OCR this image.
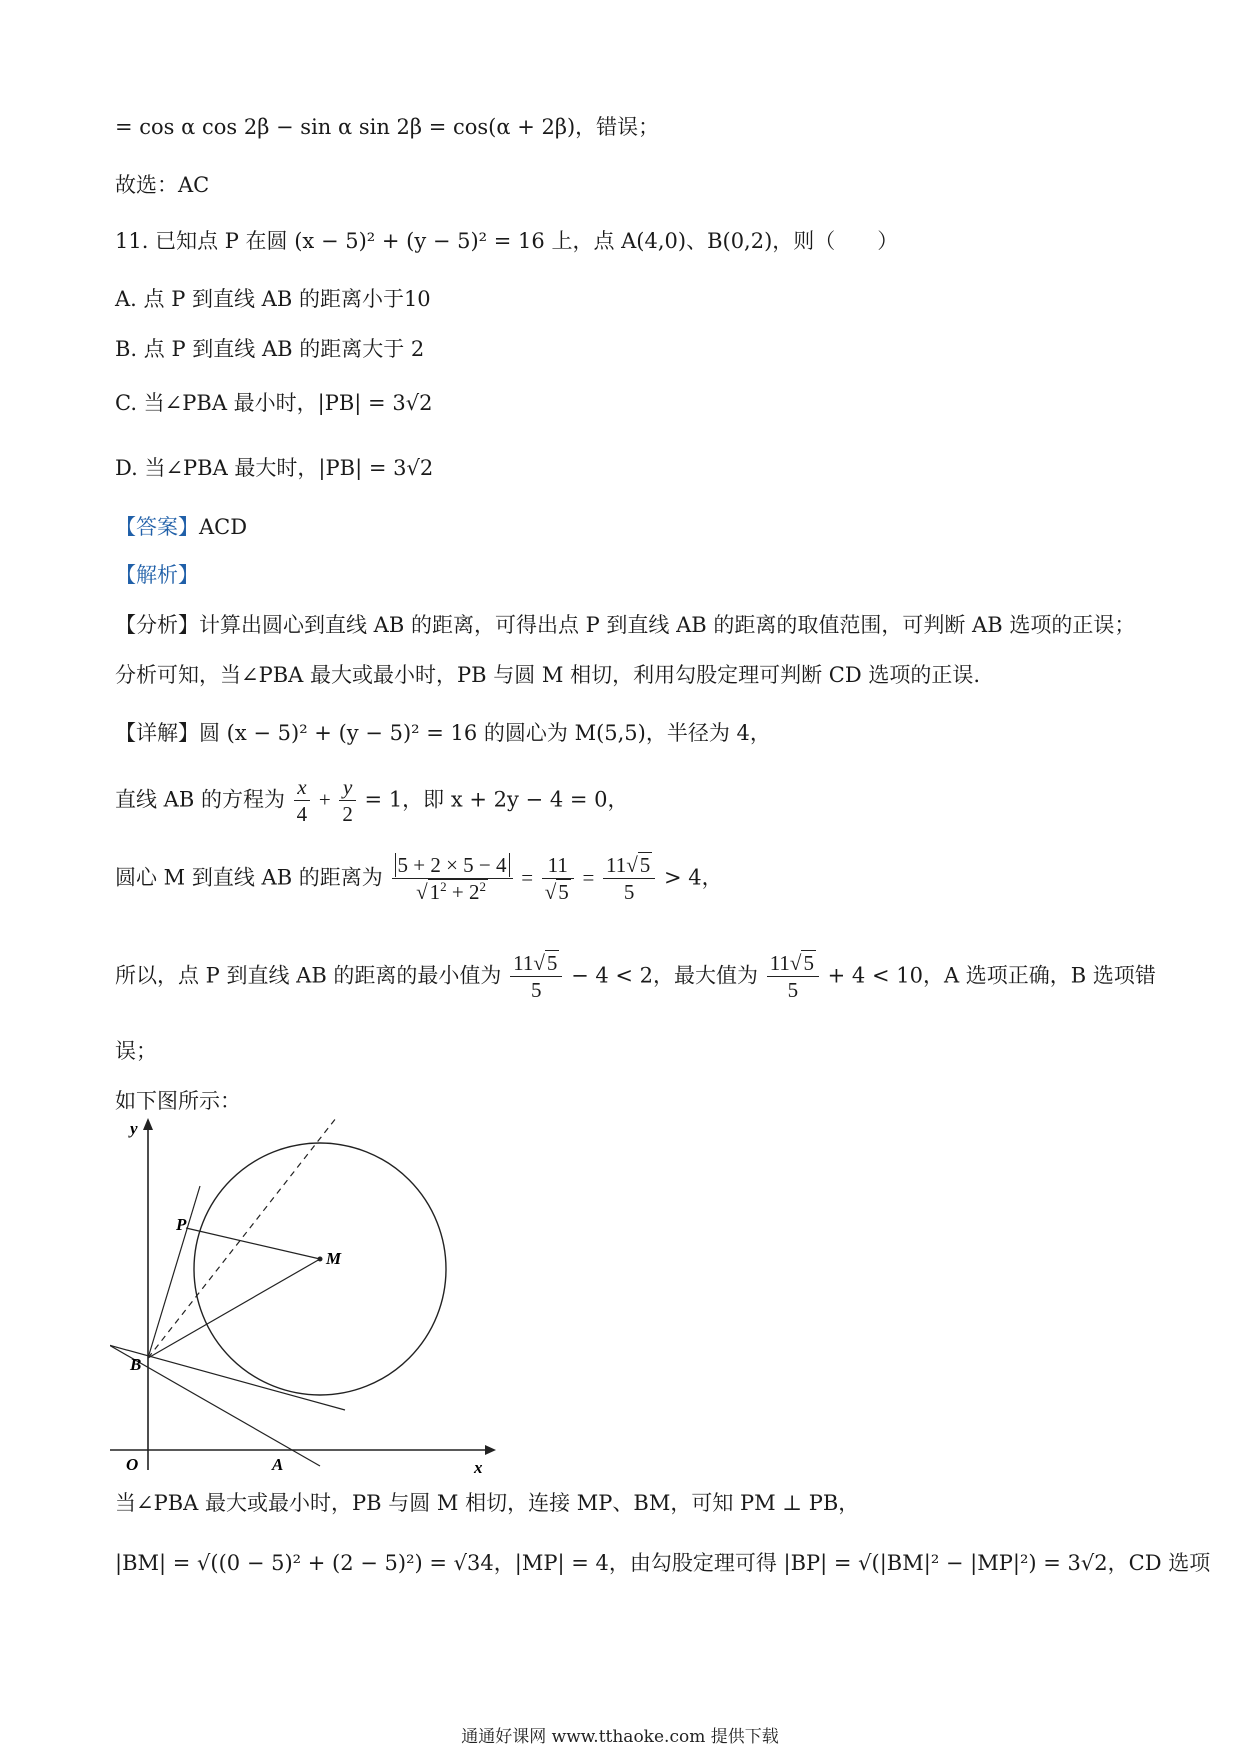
= cos α cos 2β − sin α sin 2β = cos(α + 2β)，错误；
故选：AC
11. 已知点 P 在圆 (x − 5)² + (y − 5)² = 16 上，点 A(4,0)、B(0,2)，则（　　）
A. 点 P 到直线 AB 的距离小于10
B. 点 P 到直线 AB 的距离大于 2
C. 当∠PBA 最小时，|PB| = 3√2
D. 当∠PBA 最大时，|PB| = 3√2
【答案】ACD
【解析】
【分析】计算出圆心到直线 AB 的距离，可得出点 P 到直线 AB 的距离的取值范围，可判断 AB 选项的正误；
分析可知，当∠PBA 最大或最小时，PB 与圆 M 相切，利用勾股定理可判断 CD 选项的正误.
【详解】圆 (x − 5)² + (y − 5)² = 16 的圆心为 M(5,5)，半径为 4，
直线 AB 的方程为 $\frac{x}{4} + \frac{y}{2} = 1$，即 x + 2y − 4 = 0，
圆心 M 到直线 AB 的距离为 $\frac{5 + 2 \times 5 - 4}{√1^2 + 2^2} = \frac{11}{√5} = \frac{11√5}{5} > 4$，
所以，点 P 到直线 AB 的距离的最小值为 $\frac{11√5}{5} - 4 < 2$，最大值为 $\frac{11√5}{5} + 4 < 10$，A 选项正确，B 选项错
误；
如下图所示：
y
x
O	A
B
P
M
当∠PBA 最大或最小时，PB 与圆 M 相切，连接 MP、BM，可知 PM ⊥ PB，
|BM| = √((0 − 5)² + (2 − 5)²) = √34，|MP| = 4，由勾股定理可得 |BP| = √(|BM|² − |MP|²) = 3√2，CD 选项
通通好课网 www.tthaoke.com 提供下载
